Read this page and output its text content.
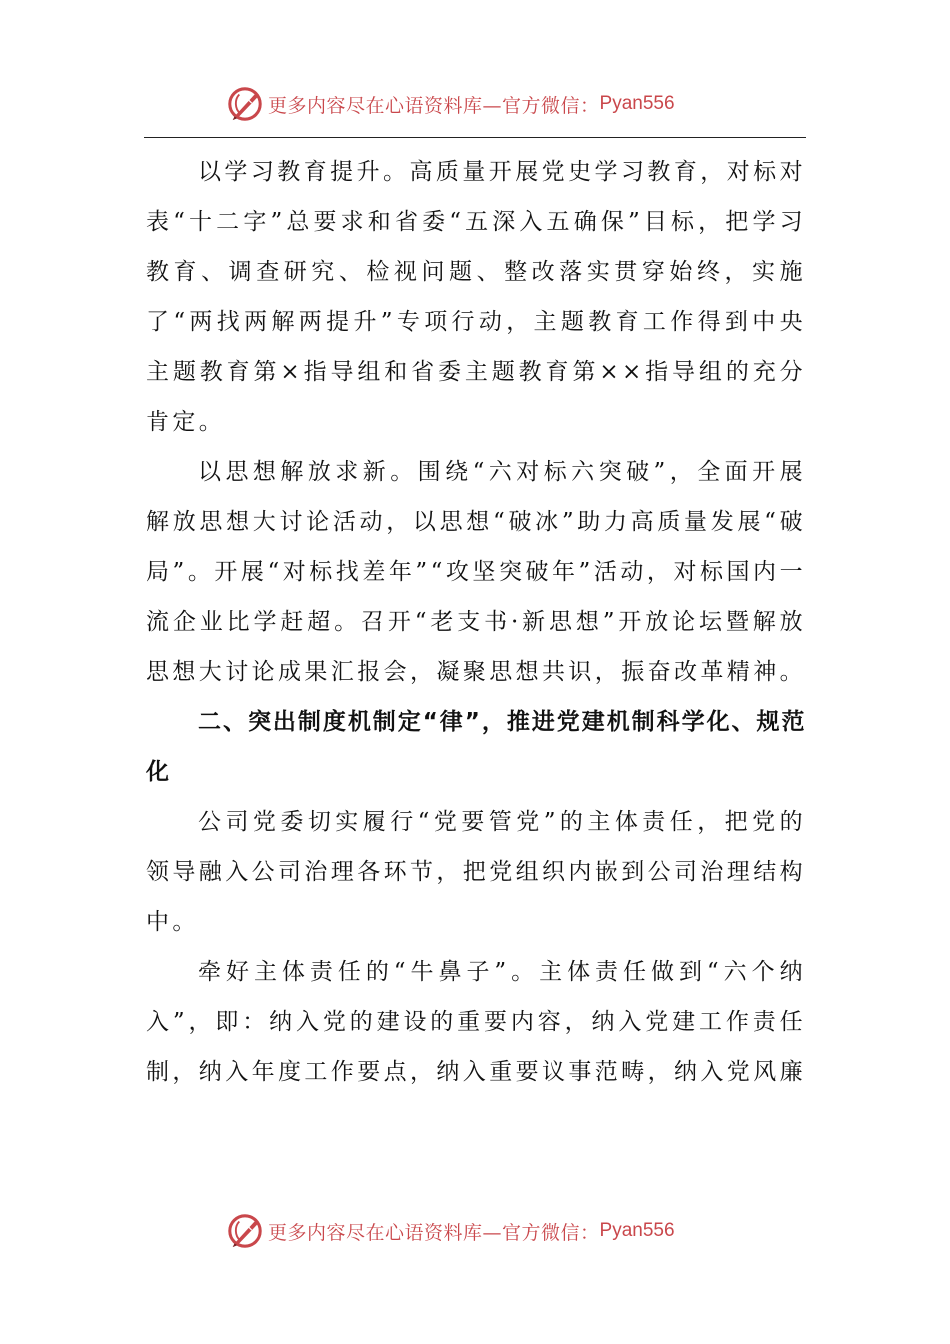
更多内容尽在心语资料库—官方微信： Pyan556

以学习教育提升。高质量开展党史学习教育，对标对表“十二字”总要求和省委“五深入五确保”目标，把学习教育、调查研究、检视问题、整改落实贯穿始终，实施了“两找两解两提升”专项行动，主题教育工作得到中央主题教育第×指导组和省委主题教育第××指导组的充分肯定。

以思想解放求新。围绕“六对标六突破”，全面开展解放思想大讨论活动，以思想“破冰”助力高质量发展“破局”。开展“对标找差年”“攻坚突破年”活动，对标国内一流企业比学赶超。召开“老支书·新思想”开放论坛暨解放思想大讨论成果汇报会，凝聚思想共识，振奋改革精神。

二、突出制度机制定“律”，推进党建机制科学化、规范化

公司党委切实履行“党要管党”的主体责任，把党的领导融入公司治理各环节，把党组织内嵌到公司治理结构中。

牵好主体责任的“牛鼻子”。主体责任做到“六个纳入”，即：纳入党的建设的重要内容，纳入党建工作责任制，纳入年度工作要点，纳入重要议事范畴，纳入党风廉

更多内容尽在心语资料库—官方微信： Pyan556
